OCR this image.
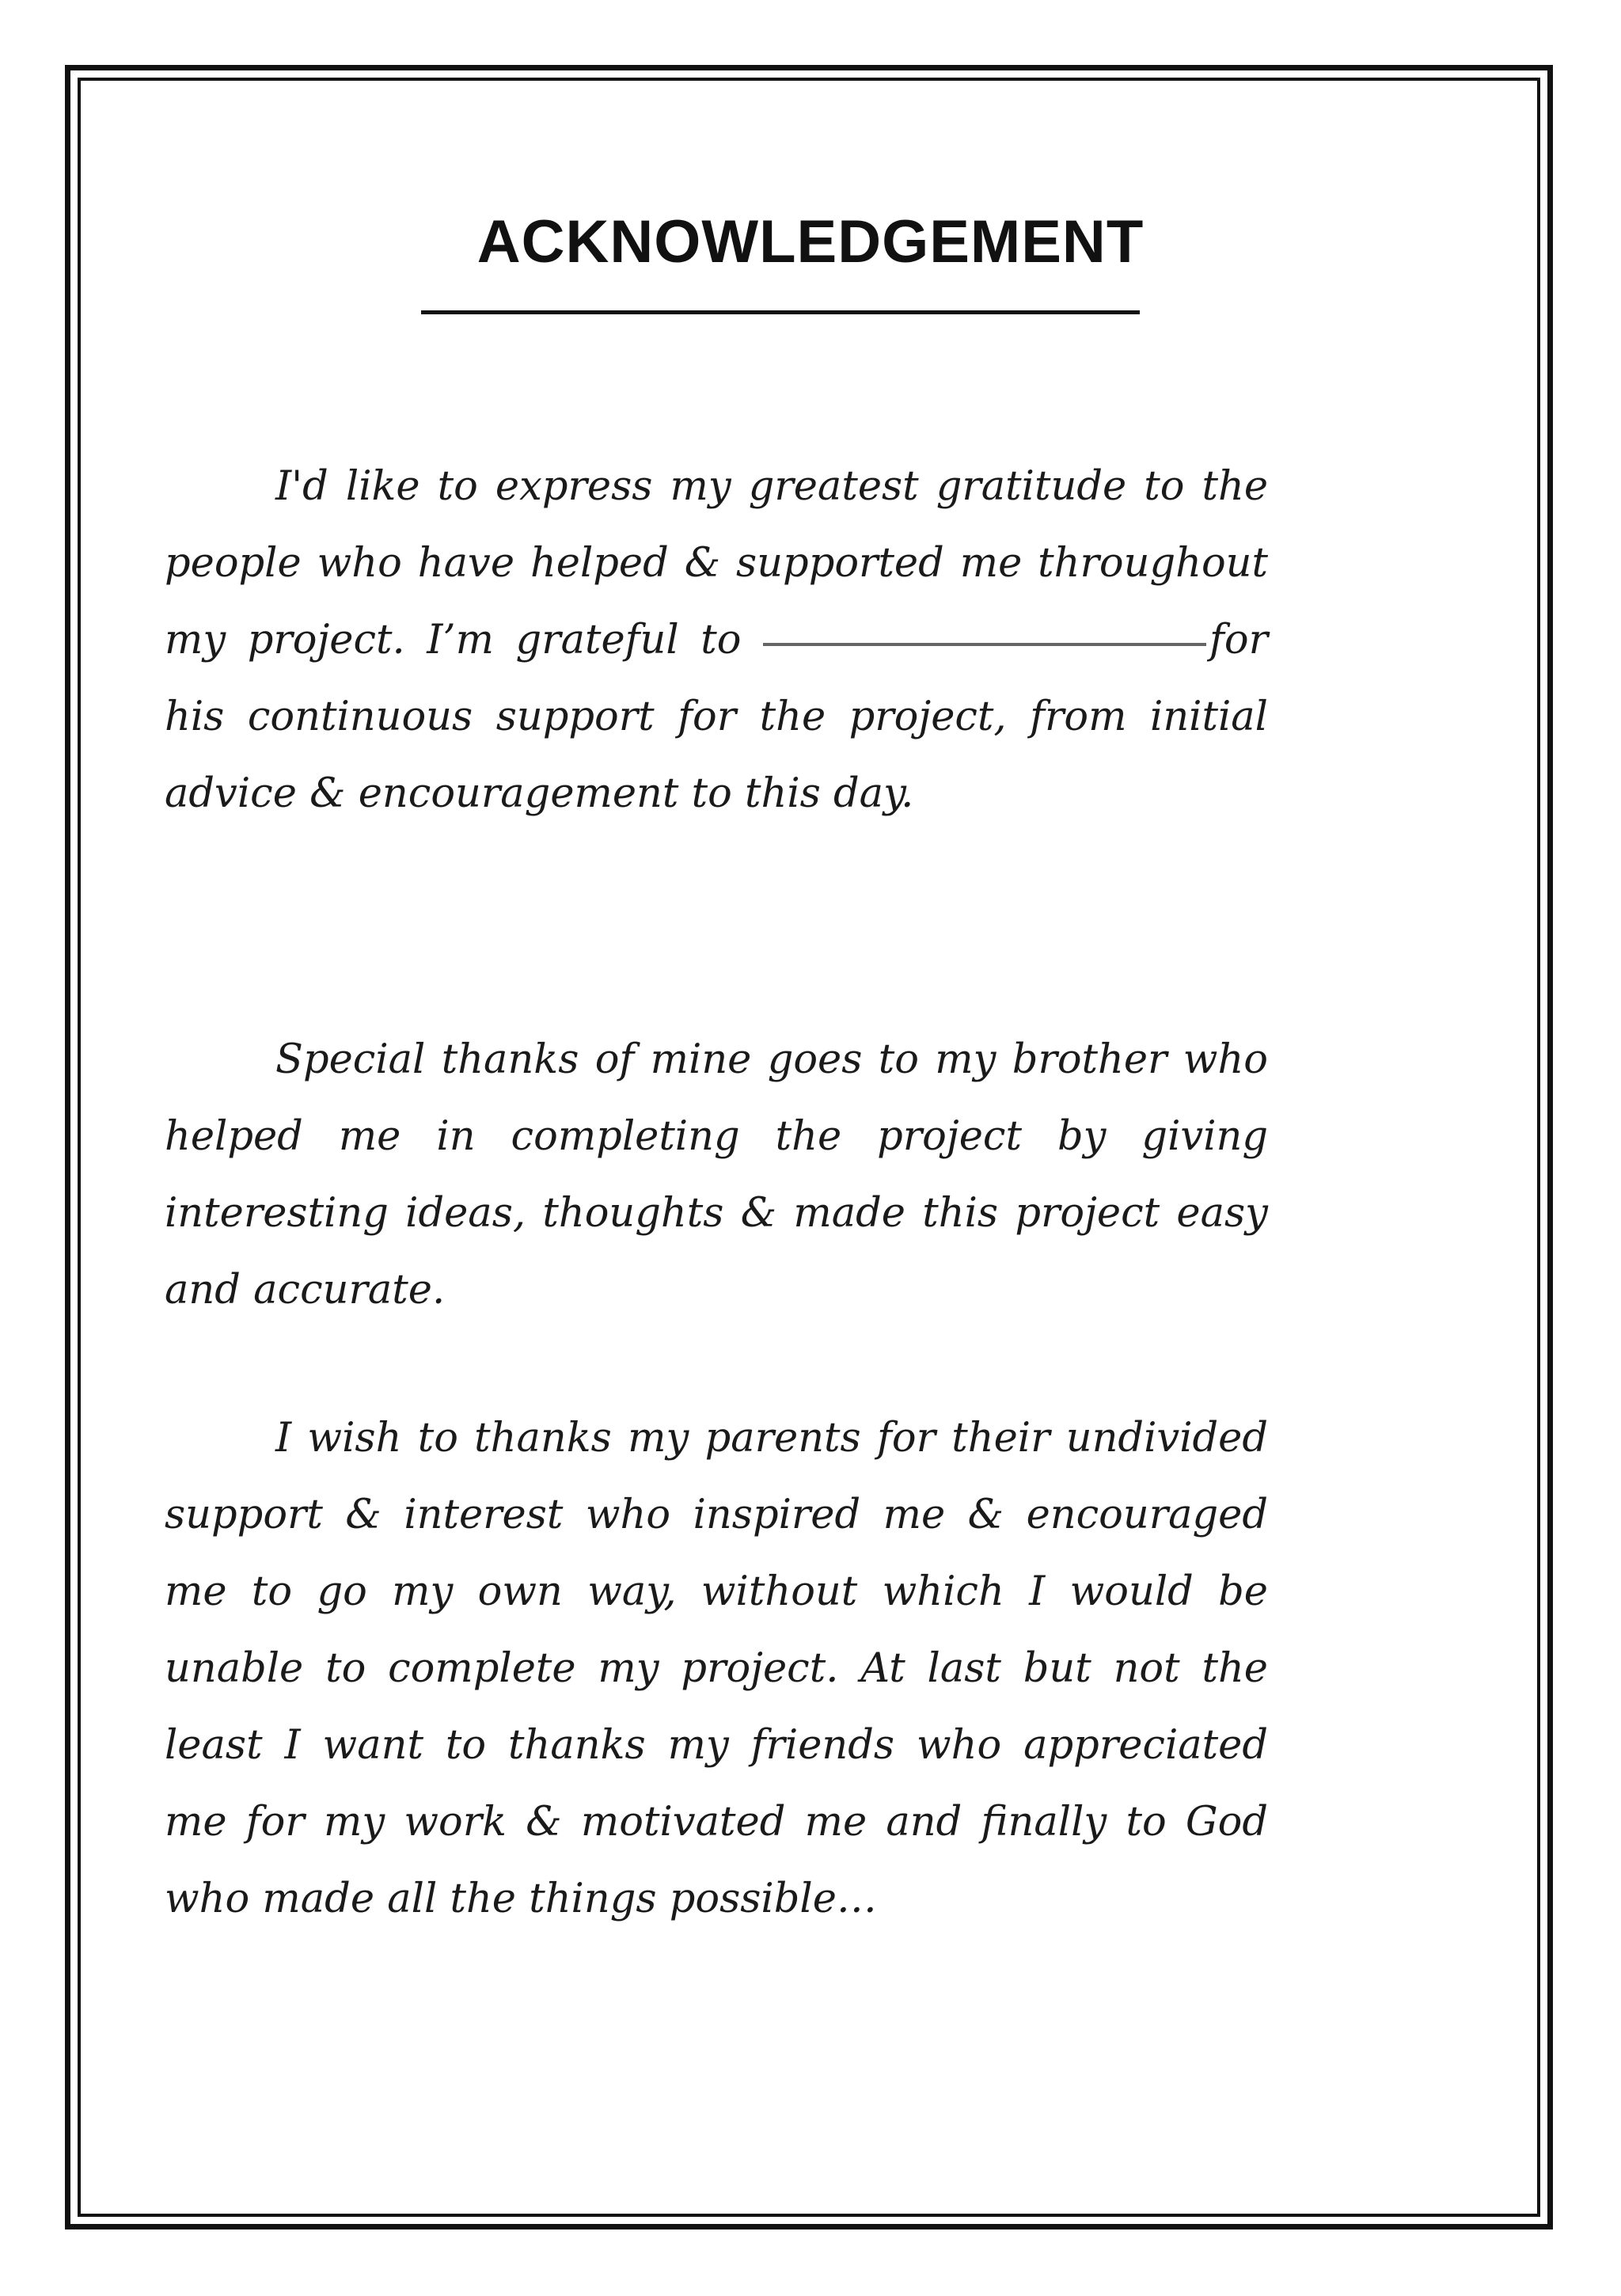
ACKNOWLEDGEMENT

I'd like to express my greatest gratitude to the people who have helped & supported me throughout my project. I’m grateful to	for his continuous support for the project, from initial advice & encouragement to this day.

Special thanks of mine goes to my brother who helped me in completing the project by giving interesting ideas, thoughts & made this project easy and accurate.

I wish to thanks my parents for their undivided support & interest who inspired me & encouraged me to go my own way, without which I would be unable to complete my project. At last but not the least I want to thanks my friends who appreciated me for my work & motivated me and finally to God who made all the things possible…
